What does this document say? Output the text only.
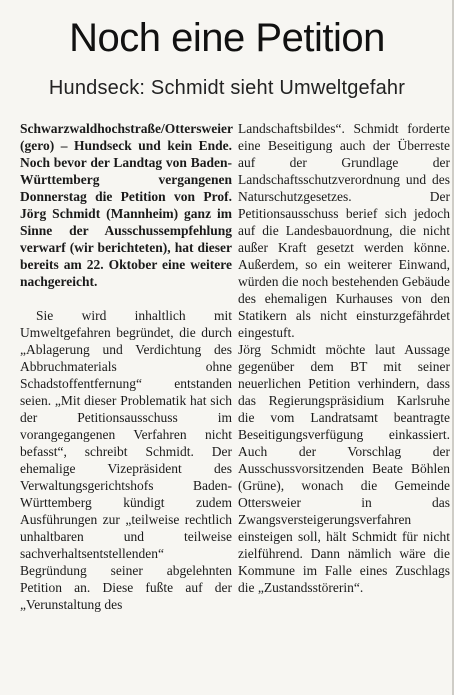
Noch eine Petition
Hundseck: Schmidt sieht Umweltgefahr

Schwarzwaldhochstraße/Ottersweier (gero) – Hundseck und kein Ende. Noch bevor der Landtag von Baden-Württemberg vergangenen Donnerstag die Petition von Prof. Jörg Schmidt (Mannheim) ganz im Sinne der Ausschussempfehlung verwarf (wir berichteten), hat dieser bereits am 22. Oktober eine weitere nachgereicht.

Sie wird inhaltlich mit Umweltgefahren begründet, die durch „Ablagerung und Verdichtung des Abbruchmaterials ohne Schadstoffentfernung“ entstanden seien. „Mit dieser Problematik hat sich der Petitionsausschuss im vorangegangenen Verfahren nicht befasst“, schreibt Schmidt. Der ehemalige Vizepräsident des Verwaltungsgerichtshofs Baden-Württemberg kündigt zudem Ausführungen zur „teilweise rechtlich unhaltbaren und teilweise sachverhaltsentstellenden“ Begründung seiner abgelehnten Petition an. Diese fußte auf der „Verunstaltung des

Landschaftsbildes“. Schmidt forderte eine Beseitigung auch der Überreste auf der Grundlage der Landschaftsschutzverordnung und des Naturschutzgesetzes. Der Petitionsausschuss berief sich jedoch auf die Landesbauordnung, die nicht außer Kraft gesetzt werden könne. Außerdem, so ein weiterer Einwand, würden die noch bestehenden Gebäude des ehemaligen Kurhauses von den Statikern als nicht einsturzgefährdet eingestuft.

Jörg Schmidt möchte laut Aussage gegenüber dem BT mit seiner neuerlichen Petition verhindern, dass das Regierungspräsidium Karlsruhe die vom Landratsamt beantragte Beseitigungsverfügung einkassiert. Auch der Vorschlag der Ausschussvorsitzenden Beate Böhlen (Grüne), wonach die Gemeinde Ottersweier in das Zwangsversteigerungsverfahren einsteigen soll, hält Schmidt für nicht zielführend. Dann nämlich wäre die Kommune im Falle eines Zuschlags die „Zustandsstörerin“.
